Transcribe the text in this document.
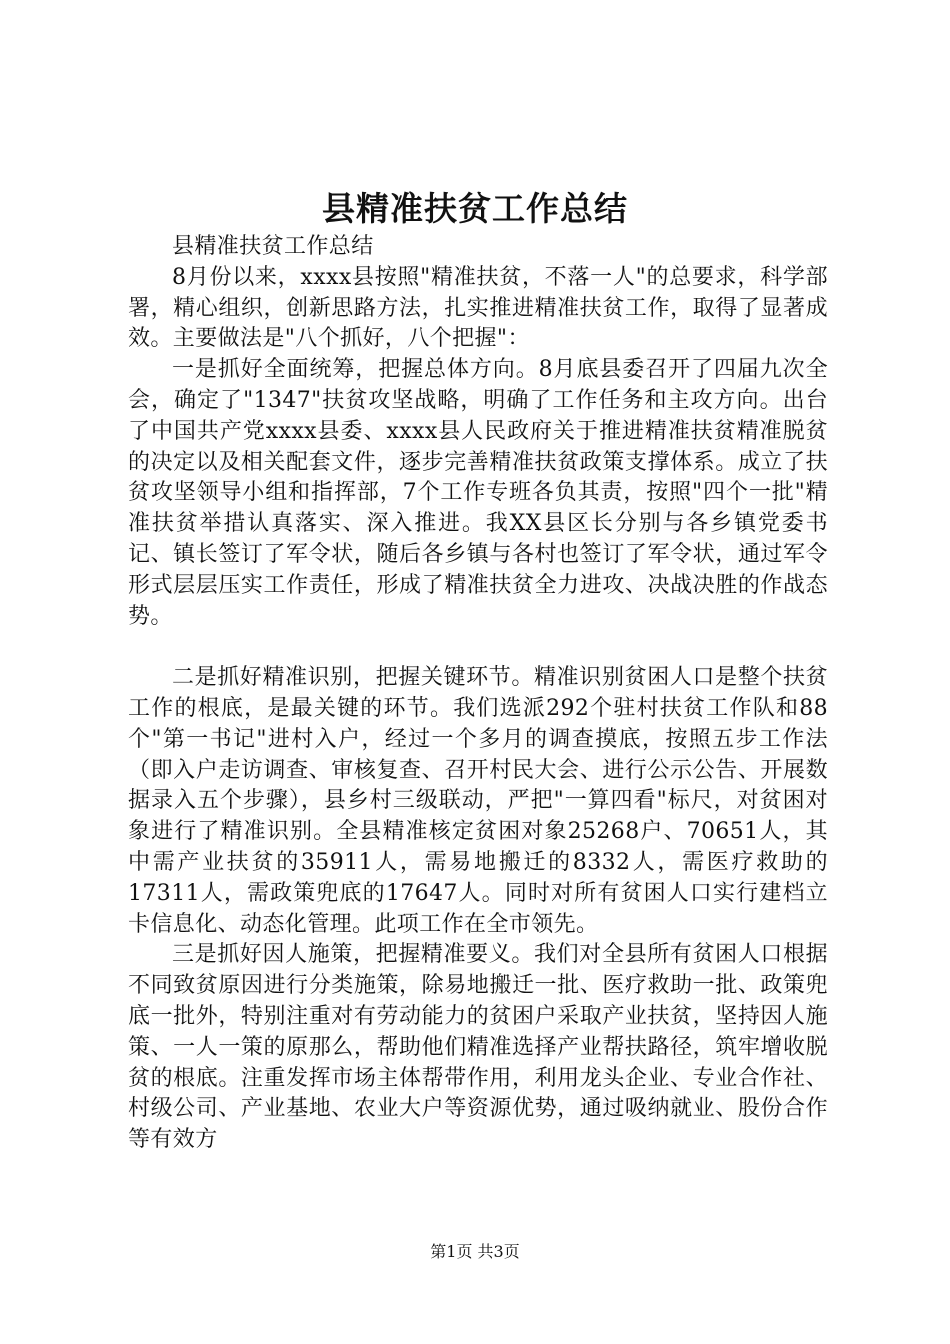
县精准扶贫工作总结

县精准扶贫工作总结

8月份以来，xxxx县按照"精准扶贫，不落一人"的总要求，科学部署，精心组织，创新思路方法，扎实推进精准扶贫工作，取得了显著成效。主要做法是"八个抓好，八个把握"：

一是抓好全面统筹，把握总体方向。8月底县委召开了四届九次全会，确定了"1347"扶贫攻坚战略，明确了工作任务和主攻方向。出台了中国共产党xxxx县委、xxxx县人民政府关于推进精准扶贫精准脱贫的决定以及相关配套文件，逐步完善精准扶贫政策支撑体系。成立了扶贫攻坚领导小组和指挥部，7个工作专班各负其责，按照"四个一批"精准扶贫举措认真落实、深入推进。我XX县区长分别与各乡镇党委书记、镇长签订了军令状，随后各乡镇与各村也签订了军令状，通过军令形式层层压实工作责任，形成了精准扶贫全力进攻、决战决胜的作战态势。

二是抓好精准识别，把握关键环节。精准识别贫困人口是整个扶贫工作的根底，是最关键的环节。我们选派292个驻村扶贫工作队和88个"第一书记"进村入户，经过一个多月的调查摸底，按照五步工作法（即入户走访调查、审核复查、召开村民大会、进行公示公告、开展数据录入五个步骤），县乡村三级联动，严把"一算四看"标尺，对贫困对象进行了精准识别。全县精准核定贫困对象25268户、70651人，其中需产业扶贫的35911人，需易地搬迁的8332人，需医疗救助的17311人，需政策兜底的17647人。同时对所有贫困人口实行建档立卡信息化、动态化管理。此项工作在全市领先。

三是抓好因人施策，把握精准要义。我们对全县所有贫困人口根据不同致贫原因进行分类施策，除易地搬迁一批、医疗救助一批、政策兜底一批外，特别注重对有劳动能力的贫困户采取产业扶贫，坚持因人施策、一人一策的原那么，帮助他们精准选择产业帮扶路径，筑牢增收脱贫的根底。注重发挥市场主体帮带作用，利用龙头企业、专业合作社、村级公司、产业基地、农业大户等资源优势，通过吸纳就业、股份合作等有效方

第1页 共3页
